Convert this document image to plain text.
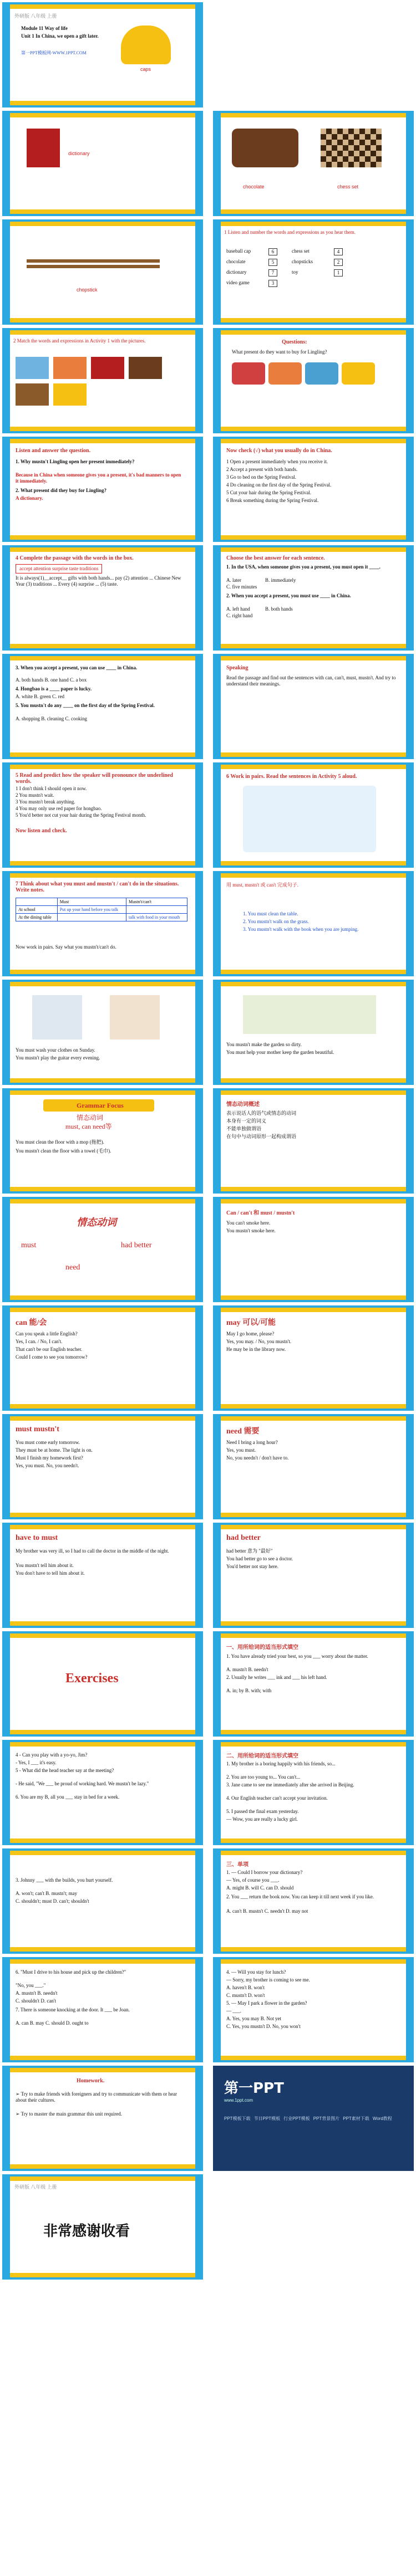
外研版 八年级 上册
Module 11 Way of life
Unit 1 In China, we open a gift later.
第一PPT模板网-WWW.1PPT.COM
caps
dictionary
chocolate	chess set
chopstick
1 Listen and number the words and expressions as you hear them.
baseball cap	6	chess set	4
chocolate	5	chopsticks	2
dictionary	7	toy	1
video game	3
2 Match the words and expressions in Activity 1 with the pictures.	Questions:
What present do they want to buy for Lingling?
Listen and answer the question.
1. Why mustn't Lingling open her present immediately?
Because in China when someone gives you a present, it's bad manners to open it immediately.
2. What present did they buy for Lingling?
A dictionary.
Now check (√) what you usually do in China.
1 Open a present immediately when you receive it.
2 Accept a present with both hands.
3 Go to bed on the Spring Festival.
4 Do cleaning on the first day of the Spring Festival.
5 Cut your hair during the Spring Festival.
6 Break something during the Spring Festival.
4 Complete the passage with the words in the box.
accept attention surprise taste traditions
It is always(1)__accept__ gifts with both hands... pay (2) attention ... Chinese New Year (3) traditions ... Every (4) surprise ... (5) taste.
Choose the best answer for each sentence.
1. In the USA, when someone gives you a present, you must open it ____.
A. later	B. immediately
C. five minutes
2. When you accept a present, you must use ____ in China.
A. left hand	B. both hands
C. right hand
3. When you accept a present, you can use ____ in China.
A. both hands B. one hand C. a box
4. Hongbao is a ____ paper is lucky.
A. white B. green C. red
5. You mustn't do any ____ on the first day of the Spring Festival.
A. shopping B. cleaning C. cooking
Speaking
Read the passage and find out the sentences with can, can't, must, mustn't. And try to understand their meanings.
5 Read and predict how the speaker will pronounce the underlined words.
1 I don't think I should open it now.
2 You mustn't wait.
3 You mustn't break anything.
4 You may only use red paper for hongbao.
5 You'd better not cut your hair during the Spring Festival month.
Now listen and check.
6 Work in pairs. Read the sentences in Activity 5 aloud.
7 Think about what you must and mustn't / can't do in the situations. Write notes.
	Must	Mustn't/can't
At school	Put up your hand before you talk	
At the dining table		talk with food in your mouth
Now work in pairs. Say what you mustn't/can't do.
用 must, mustn't 或 can't 完成句子.
1. You must clean the table.
2. You mustn't walk on the grass.
3. You mustn't walk with the book when you are jumping.
You must wash your clothes on Sunday.
You mustn't play the guitar every evening.
You mustn't make the garden so dirty.
You must help your mother keep the garden beautiful.
Grammar Focus
情态动词
must, can need等
You must clean the floor with a mop (拖把).
You mustn't clean the floor with a towel (毛巾).
情态动词概述
表示说话人的语气或情态的动词
本身有一定的词义
不能单独做谓语
在句中与动词原形一起构成谓语
情态动词
must	had better
need
Can / can't 和 must / mustn't
You can't smoke here.
You mustn't smoke here.
can 能/会
Can you speak a little English?
Yes, I can. / No, I can't.
That can't be our English teacher.
Could I come to see you tomorrow?
may 可以/可能
May I go home, please?
Yes, you may. / No, you mustn't.
He may be in the library now.
must mustn't
You must come early tomorrow.
They must be at home. The light is on.
Must I finish my homework first?
Yes, you must. No, you needn't.
need 需要
Need I bring a long hour?
Yes, you must.
No, you needn't / don't have to.
have to must
My brother was very ill, so I had to call the doctor in the middle of the night.
You mustn't tell him about it.
You don't have to tell him about it.
had better
had better 意为 "最好"
You had better go to see a doctor.
You'd better not stay here.
Exercises
一、用所给词的适当形式填空
1. You have already tried your best, so you ___ worry about the matter.
A. mustn't B. needn't
2. Usually he writes ___ ink and ___ his left hand.
A. in; by B. with; with
4 - Can you play with a yo-yo, Jim?
- Yes, I ___ it's easy.
5 - What did the head teacher say at the meeting?
- He said, "We ___ be proud of working hard. We mustn't be lazy."
6. You are my B, all you ___ stay in bed for a week.
二、用所给词的适当形式填空
1. My brother is a boring happily with his friends, so...
2. You are too young to... You can't...
3. Jane came to see me immediately after she arrived in Beijing.
4. Our English teacher can't accept your invitation.
5. I passed the final exam yesterday.
— Wow, you are really a lucky girl.
3. Johnny ___ with the builds, you hurt yourself.
A. won't; can't B. mustn't; may
C. shouldn't; must D. can't; shouldn't
三、单项
1. — Could I borrow your dictionary?
— Yes, of course you ___.
A. might B. will C. can D. should
2. You ___ return the book now. You can keep it till next week if you like.
A. can't B. mustn't C. needn't D. may not
6. "Must I drive to his house and pick up the children?"
"No, you ___."
A. mustn't B. needn't
C. shouldn't D. can't
7. There is someone knocking at the door. It ___ be Joan.
A. can B. may C. should D. ought to
4. — Will you stay for lunch?
— Sorry, my brother is coming to see me.
A. haven't B. won't
C. mustn't D. won't
5. — May I park a flower in the garden?
— ___.
A. Yes, you may B. Not yet
C. Yes, you mustn't D. No, you won't
Homework.
➢ Try to make friends with foreigners and try to communicate with them or hear about their cultures.
➢ Try to master the main grammar this unit required.
第一PPT
www.1ppt.com
PPT模板下载 节日PPT模板 行业PPT模板 PPT背景图片 PPT素材下载 Word教程
外研版 八年级 上册
非常感谢收看
